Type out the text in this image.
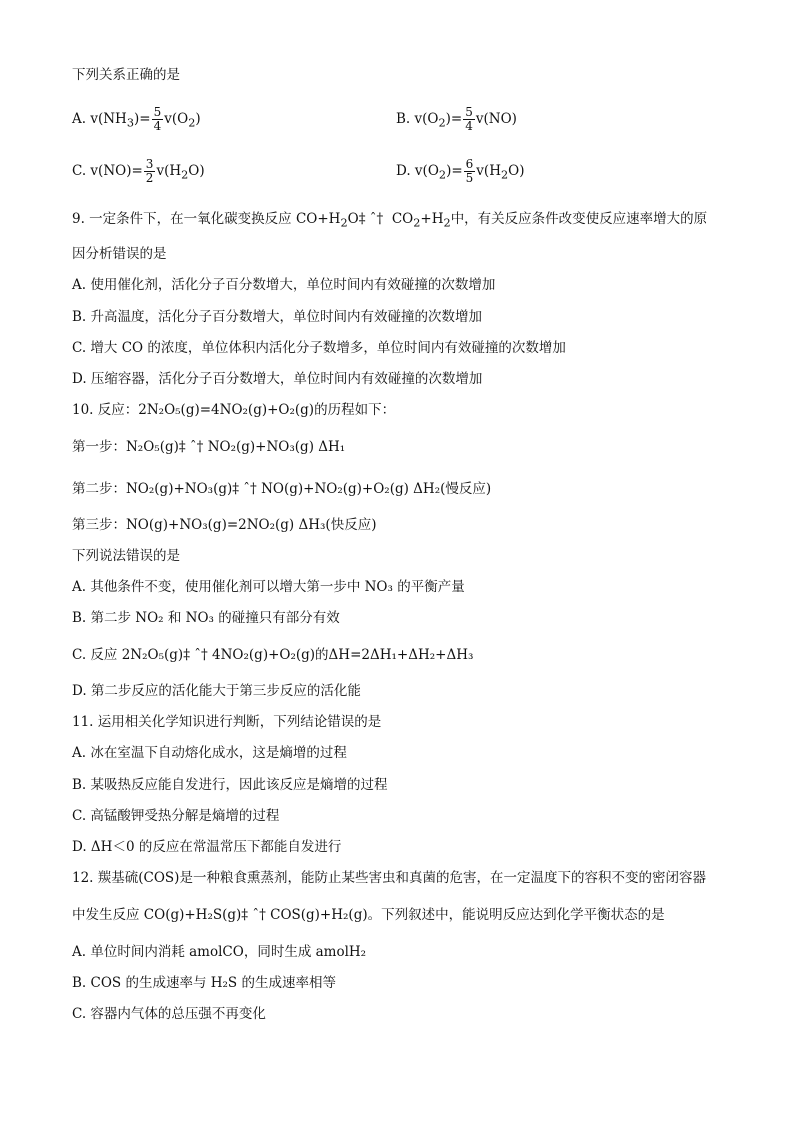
下列关系正确的是
A. $v(NH_3)= \frac{5}{4} v(O_2)$	B. $v(O_2)= \frac{5}{4} v(NO)$
C. $v(NO)= \frac{3}{2} v(H_2O)$	D. $v(O_2)= \frac{6}{5} v(H_2O)$
9. 一定条件下，在一氧化碳变换反应 $CO+H_2O\ddagger$ ˆ† $CO_2+H_2$中，有关反应条件改变使反应速率增大的原
因分析错误的是
A. 使用催化剂，活化分子百分数增大，单位时间内有效碰撞的次数增加
B. 升高温度，活化分子百分数增大，单位时间内有效碰撞的次数增加
C. 增大 CO 的浓度，单位体积内活化分子数增多，单位时间内有效碰撞的次数增加
D. 压缩容器，活化分子百分数增大，单位时间内有效碰撞的次数增加
10. 反应：2N₂O₅(g)=4NO₂(g)+O₂(g)的历程如下：
第一步：N₂O₅(g)‡ ˆ† NO₂(g)+NO₃(g) ΔH₁
第二步：NO₂(g)+NO₃(g)‡ ˆ† NO(g)+NO₂(g)+O₂(g) ΔH₂(慢反应)
第三步：NO(g)+NO₃(g)=2NO₂(g) ΔH₃(快反应)
下列说法错误的是
A. 其他条件不变，使用催化剂可以增大第一步中 NO₃ 的平衡产量
B. 第二步 NO₂ 和 NO₃ 的碰撞只有部分有效
C. 反应 2N₂O₅(g)‡ ˆ† 4NO₂(g)+O₂(g)的ΔH=2ΔH₁+ΔH₂+ΔH₃
D. 第二步反应的活化能大于第三步反应的活化能
11. 运用相关化学知识进行判断，下列结论错误的是
A. 冰在室温下自动熔化成水，这是熵增的过程
B. 某吸热反应能自发进行，因此该反应是熵增的过程
C. 高锰酸钾受热分解是熵增的过程
D. ΔH＜0 的反应在常温常压下都能自发进行
12. 羰基硫(COS)是一种粮食熏蒸剂，能防止某些害虫和真菌的危害，在一定温度下的容积不变的密闭容器
中发生反应 CO(g)+H₂S(g)‡ ˆ† COS(g)+H₂(g)。下列叙述中，能说明反应达到化学平衡状态的是
A. 单位时间内消耗 amolCO，同时生成 amolH₂
B. COS 的生成速率与 H₂S 的生成速率相等
C. 容器内气体的总压强不再变化
